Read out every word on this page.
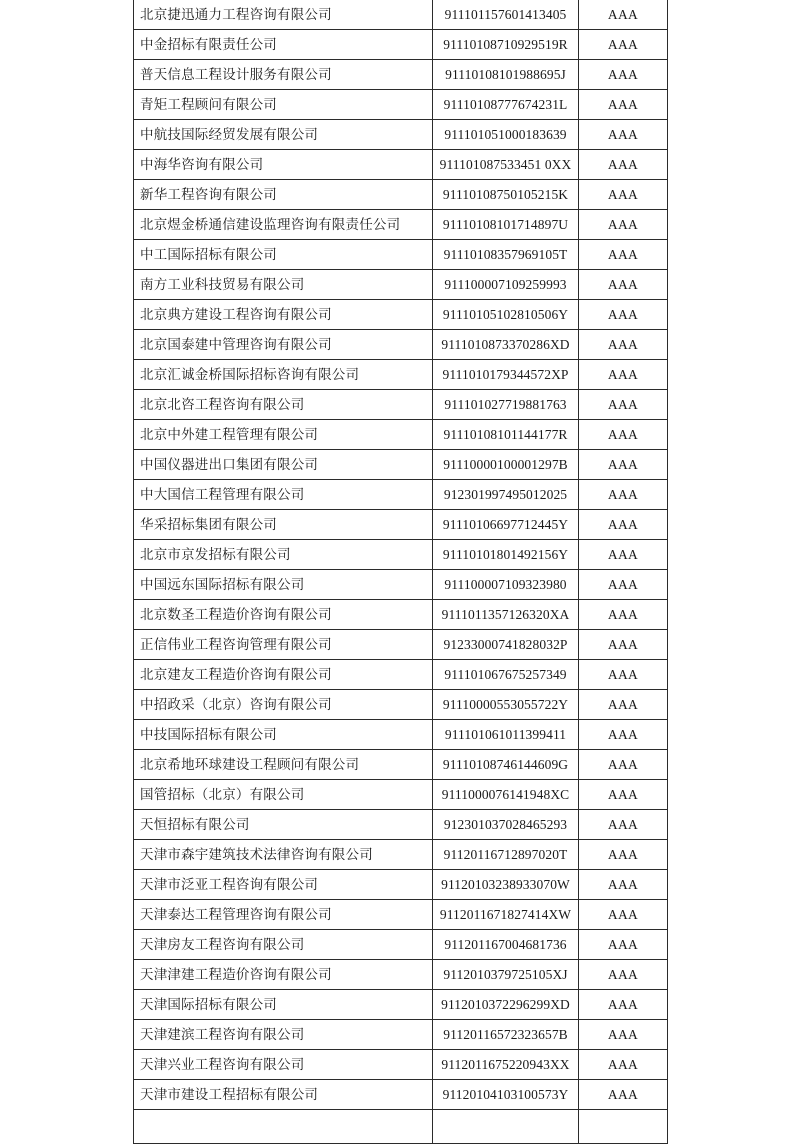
北京捷迅通力工程咨询有限公司	911101157601413405	AAA
中金招标有限责任公司	91110108710929519R	AAA
普天信息工程设计服务有限公司	91110108101988695J	AAA
青矩工程顾问有限公司	91110108777674231L	AAA
中航技国际经贸发展有限公司	911101051000183639	AAA
中海华咨询有限公司	911101087533451 0XX	AAA
新华工程咨询有限公司	91110108750105215K	AAA
北京煜金桥通信建设监理咨询有限责任公司	91110108101714897U	AAA
中工国际招标有限公司	91110108357969105T	AAA
南方工业科技贸易有限公司	911100007109259993	AAA
北京典方建设工程咨询有限公司	91110105102810506Y	AAA
北京国泰建中管理咨询有限公司	9111010873370286XD	AAA
北京汇诚金桥国际招标咨询有限公司	9111010179344572XP	AAA
北京北咨工程咨询有限公司	911101027719881763	AAA
北京中外建工程管理有限公司	91110108101144177R	AAA
中国仪器进出口集团有限公司	91110000100001297B	AAA
中大国信工程管理有限公司	912301997495012025	AAA
华采招标集团有限公司	91110106697712445Y	AAA
北京市京发招标有限公司	91110101801492156Y	AAA
中国远东国际招标有限公司	911100007109323980	AAA
北京数圣工程造价咨询有限公司	9111011357126320XA	AAA
正信伟业工程咨询管理有限公司	91233000741828032P	AAA
北京建友工程造价咨询有限公司	911101067675257349	AAA
中招政采（北京）咨询有限公司	91110000553055722Y	AAA
中技国际招标有限公司	911101061011399411	AAA
北京希地环球建设工程顾问有限公司	91110108746144609G	AAA
国管招标（北京）有限公司	9111000076141948XC	AAA
天恒招标有限公司	912301037028465293	AAA
天津市森宇建筑技术法律咨询有限公司	91120116712897020T	AAA
天津市泛亚工程咨询有限公司	91120103238933070W	AAA
天津泰达工程管理咨询有限公司	9112011671827414XW	AAA
天津房友工程咨询有限公司	911201167004681736	AAA
天津津建工程造价咨询有限公司	9112010379725105XJ	AAA
天津国际招标有限公司	9112010372296299XD	AAA
天津建滨工程咨询有限公司	91120116572323657B	AAA
天津兴业工程咨询有限公司	9112011675220943XX	AAA
天津市建设工程招标有限公司	91120104103100573Y	AAA
